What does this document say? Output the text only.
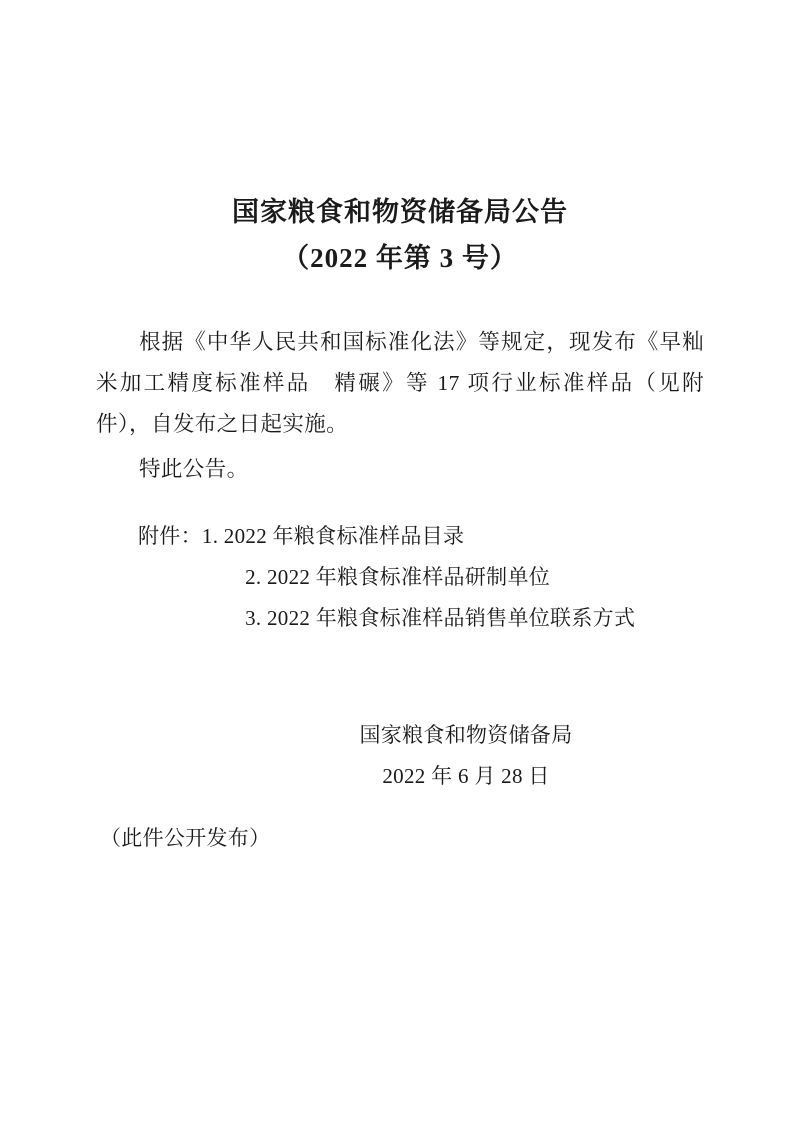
国家粮食和物资储备局公告
（2022 年第 3 号）

根据《中华人民共和国标准化法》等规定，现发布《早籼米加工精度标准样品　精碾》等 17 项行业标准样品（见附件），自发布之日起实施。

特此公告。

附件：1. 2022 年粮食标准样品目录

2. 2022 年粮食标准样品研制单位

3. 2022 年粮食标准样品销售单位联系方式

国家粮食和物资储备局

2022 年 6 月 28 日

（此件公开发布）
